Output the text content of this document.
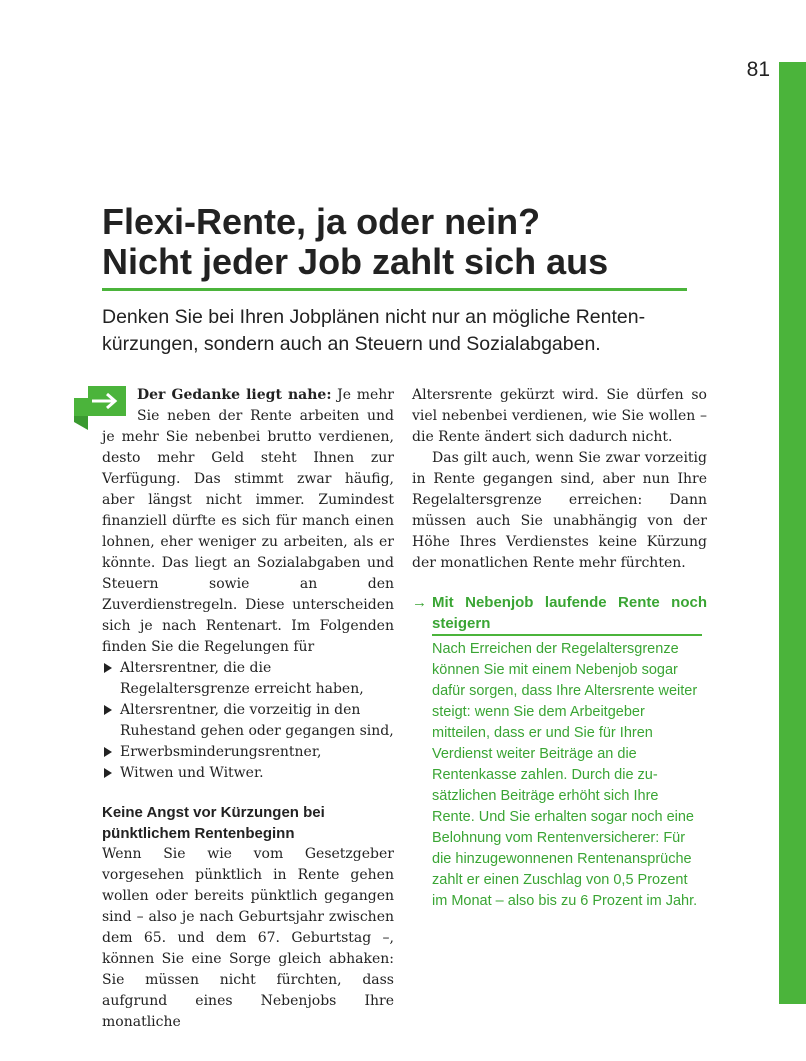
81
Flexi-Rente, ja oder nein?
Nicht jeder Job zahlt sich aus
Denken Sie bei Ihren Jobplänen nicht nur an mögliche Rentenkürzungen, sondern auch an Steuern und Sozialabgaben.

Der Gedanke liegt nahe: Je mehr Sie neben der Rente arbeiten und je mehr Sie nebenbei brutto verdienen, desto mehr Geld steht Ihnen zur Verfügung. Das stimmt zwar häufig, aber längst nicht immer. Zumindest finanziell dürfte es sich für manch einen lohnen, eher weniger zu arbeiten, als er könnte. Das liegt an Sozialabgaben und Steuern sowie an den Zuverdienstregeln. Diese unterscheiden sich je nach Rentenart. Im Folgenden finden Sie die Regelungen für

Altersrentner, die die Regelaltersgrenze erreicht haben,
Altersrentner, die vorzeitig in den Ruhestand gehen oder gegangen sind,
Erwerbsminderungsrentner,
Witwen und Witwer.
Keine Angst vor Kürzungen bei pünktlichem Rentenbeginn

Wenn Sie wie vom Gesetzgeber vorgesehen pünktlich in Rente gehen wollen oder bereits pünktlich gegangen sind – also je nach Geburtsjahr zwischen dem 65. und dem 67. Geburtstag –, können Sie eine Sorge gleich abhaken: Sie müssen nicht fürchten, dass aufgrund eines Nebenjobs Ihre monatliche

Altersrente gekürzt wird. Sie dürfen so viel nebenbei verdienen, wie Sie wollen – die Rente ändert sich dadurch nicht.

Das gilt auch, wenn Sie zwar vorzeitig in Rente gegangen sind, aber nun Ihre Regelaltersgrenze erreichen: Dann müssen auch Sie unabhängig von der Höhe Ihres Verdienstes keine Kürzung der monatlichen Rente mehr fürchten.

→ Mit Nebenjob laufende Rente noch steigern
Nach Erreichen der Regelaltersgrenze können Sie mit einem Nebenjob sogar dafür sorgen, dass Ihre Altersrente weiter steigt: wenn Sie dem Arbeitgeber mitteilen, dass er und Sie für Ihren Verdienst weiter Beiträge an die Rentenkasse zahlen. Durch die zusätzlichen Beiträge erhöht sich Ihre Rente. Und Sie erhalten sogar noch eine Belohnung vom Rentenversicherer: Für die hinzugewonnenen Rentenansprüche zahlt er einen Zuschlag von 0,5 Prozent im Monat – also bis zu 6 Prozent im Jahr.
